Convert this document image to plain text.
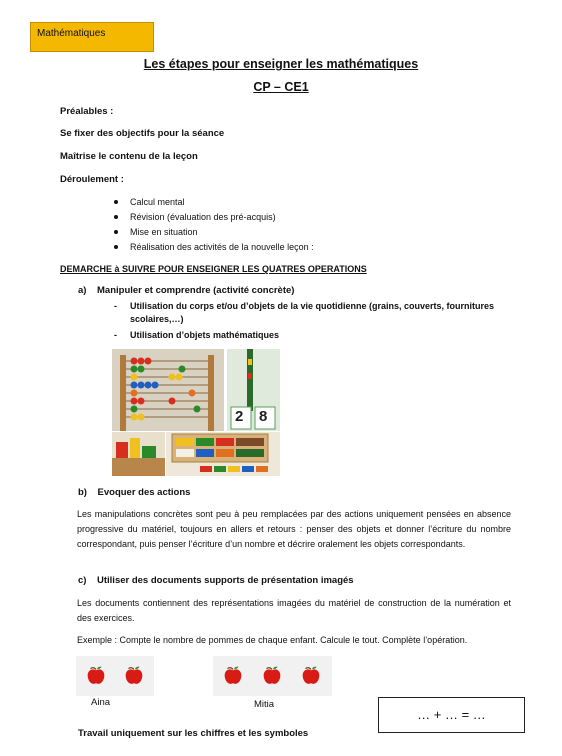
Mathématiques
Les étapes pour enseigner les mathématiques
CP – CE1
Préalables :
Se fixer des objectifs pour la séance
Maîtrise le contenu de la leçon
Déroulement :
Calcul mental
Révision (évaluation des pré-acquis)
Mise en situation
Réalisation des activités de la nouvelle leçon :
DEMARCHE à SUIVRE POUR ENSEIGNER LES QUATRES OPERATIONS
a)    Manipuler et comprendre (activité concrète)
- Utilisation du corps et/ou d’objets de la vie quotidienne (grains, couverts, fournitures
scolaires,…)
- Utilisation d’objets mathématiques
2 8
b)    Evoquer des actions
Les manipulations concrètes sont peu à peu remplacées par des actions uniquement pensées en absence progressive du matériel, toujours en allers et retours : penser des objets et donner l’écriture du nombre correspondant, puis penser l’écriture d’un nombre et décrire oralement les objets correspondants.
c)    Utiliser des documents supports de présentation imagés
Les documents contiennent des représentations imagées du matériel de construction de la numération et des exercices.
Exemple : Compte le nombre de pommes de chaque enfant. Calcule le tout. Complète l’opération.
Aina	Mitia
… + … = …
Travail uniquement sur les chiffres et les symboles
